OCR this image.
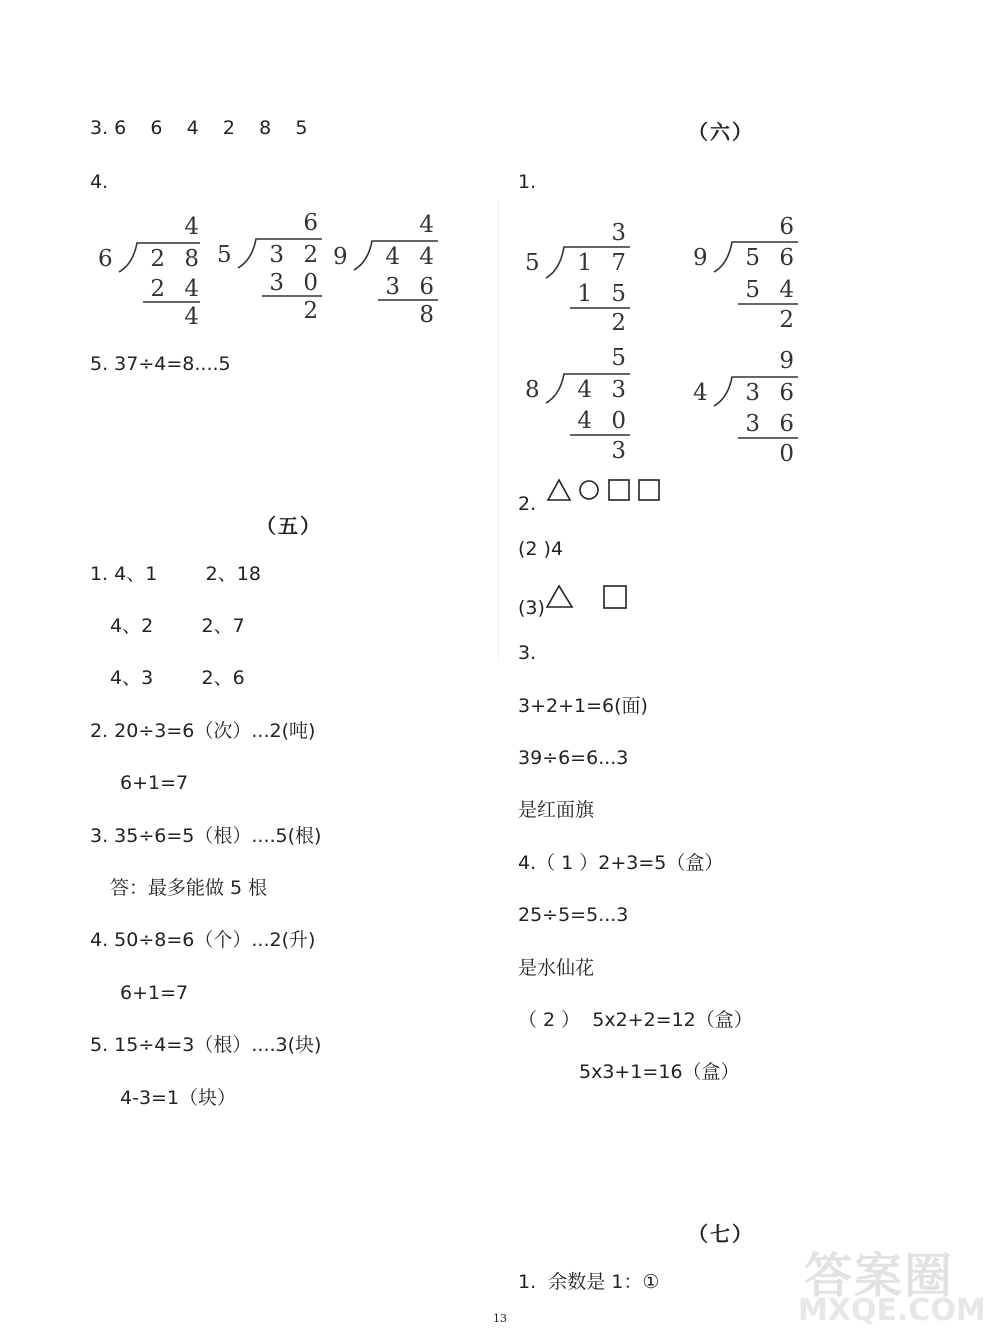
3. 6    6    4    2    8    5
4.
4
6 2 8
2 4
4
6
5 3 2
3 0
2
4
9 4 4
3 6
8
5. 37÷4=8....5
（五）
1. 4、1        2、18
4、2        2、7
4、3        2、6
2. 20÷3=6（次）...2(吨)
6+1=7
3. 35÷6=5（根）....5(根)
答：最多能做 5 根
4. 50÷8=6（个）...2(升)
6+1=7
5. 15÷4=3（根）....3(块)
4-3=1（块）
（六）
1.
3
5 1 7
1 5
2
6
9 5 6
5 4
2
5
8 4 3
4 0
3
9
4 3 6
3 6
0
2.
(2 )4
(3)
3.
3+2+1=6(面)
39÷6=6...3
是红面旗
4.（ 1 ）2+3=5（盒）
25÷5=5...3
是水仙花
（ 2 ）  5x2+2=12（盒）
5x3+1=16（盒）
（七）
1.  余数是 1：①
13
答案圈
MXQE.COM
